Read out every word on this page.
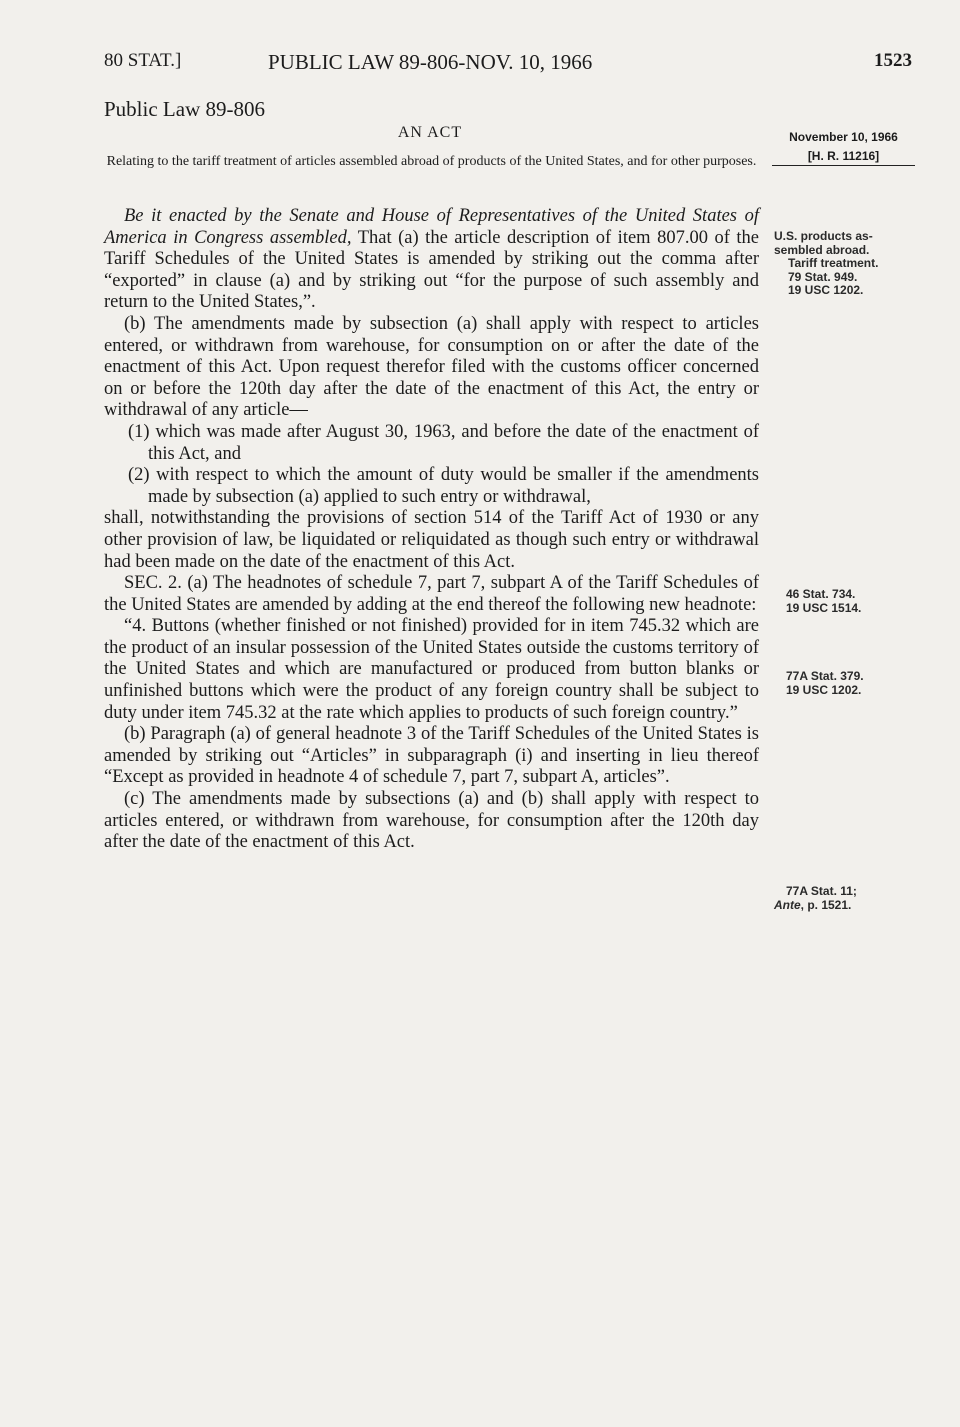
80 STAT.]	PUBLIC LAW 89-806-NOV. 10, 1966	1523
Public Law 89-806
AN ACT
Relating to the tariff treatment of articles assembled abroad of products of the United States, and for other purposes.
November 10, 1966
[H. R. 11216]

Be it enacted by the Senate and House of Representatives of the United States of America in Congress assembled, That (a) the article description of item 807.00 of the Tariff Schedules of the United States is amended by striking out the comma after “exported” in clause (a) and by striking out “for the purpose of such assembly and return to the United States,”.

(b) The amendments made by subsection (a) shall apply with respect to articles entered, or withdrawn from warehouse, for consumption on or after the date of the enactment of this Act. Upon request therefor filed with the customs officer concerned on or before the 120th day after the date of the enactment of this Act, the entry or withdrawal of any article—

(1) which was made after August 30, 1963, and before the date of the enactment of this Act, and

(2) with respect to which the amount of duty would be smaller if the amendments made by subsection (a) applied to such entry or withdrawal,

shall, notwithstanding the provisions of section 514 of the Tariff Act of 1930 or any other provision of law, be liquidated or reliquidated as though such entry or withdrawal had been made on the date of the enactment of this Act.

SEC. 2. (a) The headnotes of schedule 7, part 7, subpart A of the Tariff Schedules of the United States are amended by adding at the end thereof the following new headnote:

“4. Buttons (whether finished or not finished) provided for in item 745.32 which are the product of an insular possession of the United States outside the customs territory of the United States and which are manufactured or produced from button blanks or unfinished buttons which were the product of any foreign country shall be subject to duty under item 745.32 at the rate which applies to products of such foreign country.”

(b) Paragraph (a) of general headnote 3 of the Tariff Schedules of the United States is amended by striking out “Articles” in subparagraph (i) and inserting in lieu thereof “Except as provided in headnote 4 of schedule 7, part 7, subpart A, articles”.

(c) The amendments made by subsections (a) and (b) shall apply with respect to articles entered, or withdrawn from warehouse, for consumption after the 120th day after the date of the enactment of this Act.

U.S. products as-
sembled abroad.
Tariff treatment.
79 Stat. 949.
19 USC 1202.
46 Stat. 734.
19 USC 1514.
77A Stat. 379.
19 USC 1202.
77A Stat. 11;
Ante, p. 1521.
